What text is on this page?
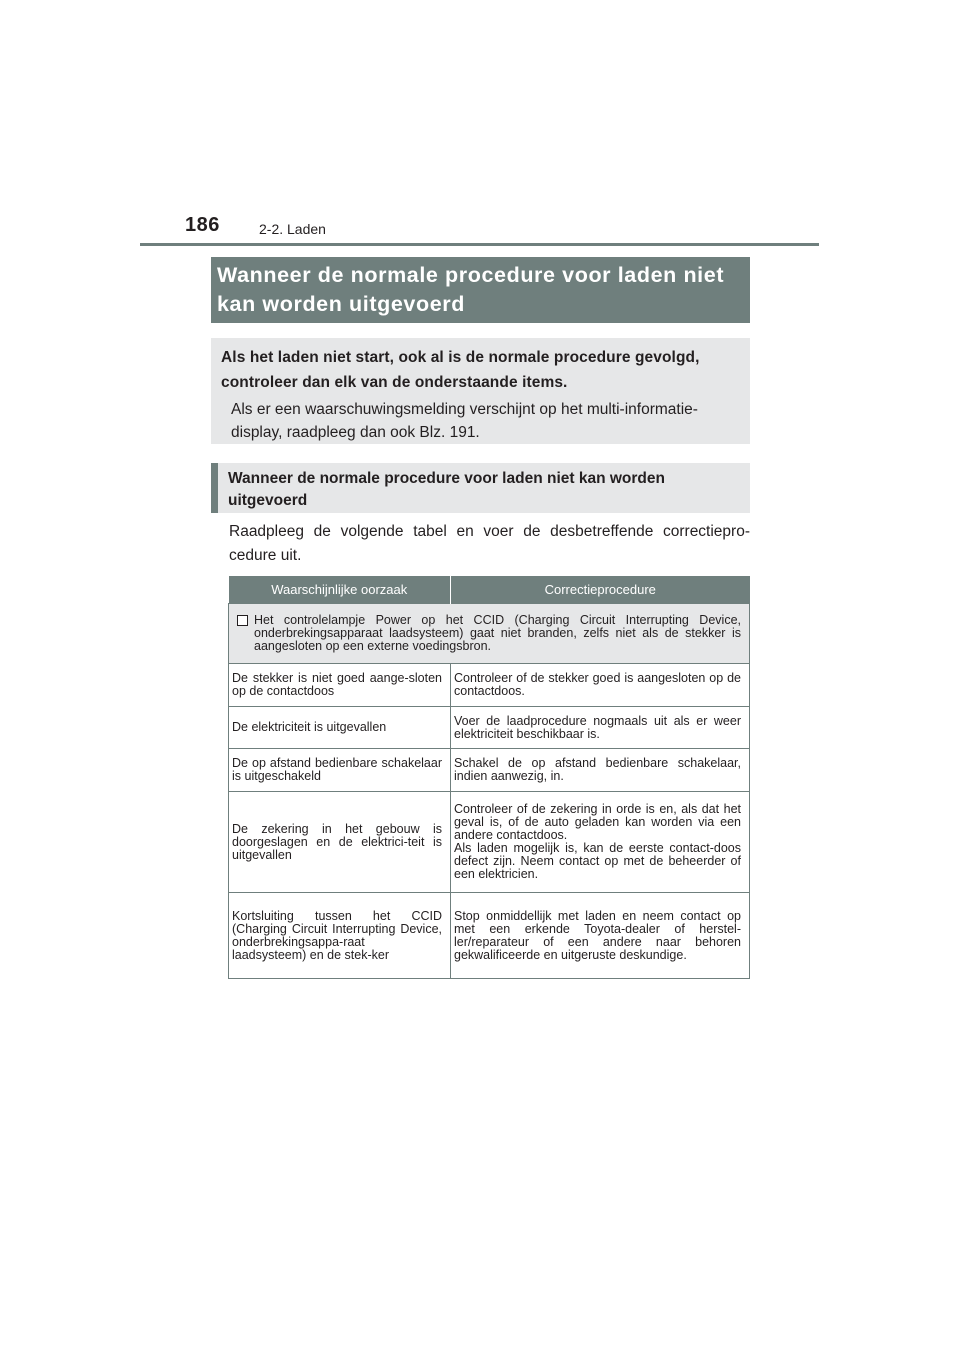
186	2-2. Laden
Wanneer de normale procedure voor laden niet kan worden uitgevoerd
Als het laden niet start, ook al is de normale procedure gevolgd, controleer dan elk van de onderstaande items.
Als er een waarschuwingsmelding verschijnt op het multi-informatie-display, raadpleeg dan ook Blz. 191.
Wanneer de normale procedure voor laden niet kan worden uitgevoerd
Raadpleeg de volgende tabel en voer de desbetreffende correctiepro-cedure uit.
Waarschijnlijke oorzaak	Correctieprocedure

Het controlelampje Power op het CCID (Charging Circuit Interrupting Device, onderbrekingsapparaat laadsysteem) gaat niet branden, zelfs niet als de stekker is aangesloten op een externe voedingsbron.	

De stekker is niet goed aange-sloten op de contactdoos	Controleer of de stekker goed is aangesloten op de contactdoos.
De elektriciteit is uitgevallen	Voer de laadprocedure nogmaals uit als er weer elektriciteit beschikbaar is.
De op afstand bedienbare schakelaar is uitgeschakeld	Schakel de op afstand bedienbare schakelaar, indien aanwezig, in.
De zekering in het gebouw is doorgeslagen en de elektrici-teit is uitgevallen	Controleer of de zekering in orde is en, als dat het geval is, of de auto geladen kan worden via een andere contactdoos.
Als laden mogelijk is, kan de eerste contact-doos defect zijn. Neem contact op met de beheerder of een elektricien.

Kortsluiting tussen het CCID (Charging Circuit Interrupting Device, onderbrekingsappa-raat laadsysteem) en de stek-ker	Stop onmiddellijk met laden en neem contact op met een erkende Toyota-dealer of herstel-ler/reparateur of een andere naar behoren gekwalificeerde en uitgeruste deskundige.
